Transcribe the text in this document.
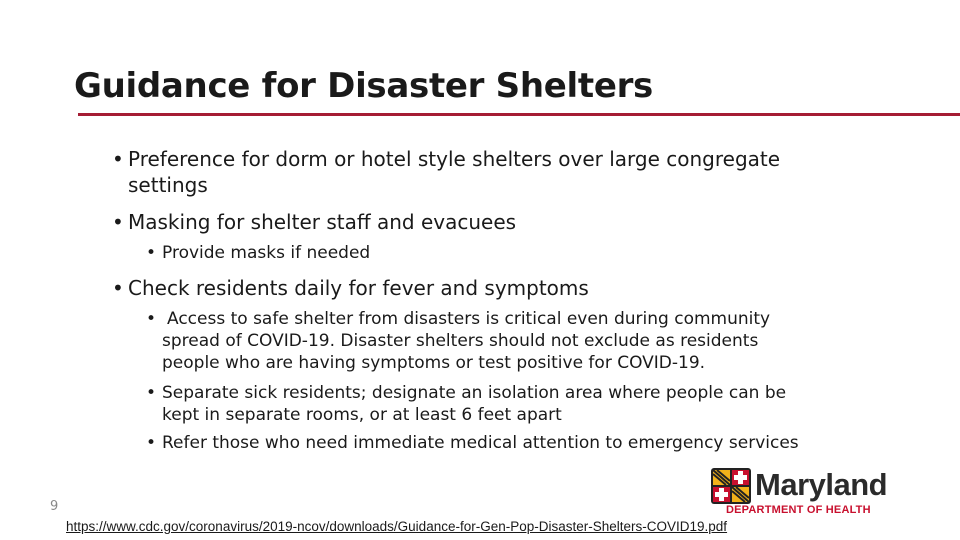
Guidance for Disaster Shelters
• Preference for dorm or hotel style shelters over large congregate
settings
• Masking for shelter staff and evacuees
• Provide masks if needed
• Check residents daily for fever and symptoms
• Access to safe shelter from disasters is critical even during community
spread of COVID-19. Disaster shelters should not exclude as residents
people who are having symptoms or test positive for COVID-19.
• Separate sick residents; designate an isolation area where people can be
kept in separate rooms, or at least 6 feet apart
• Refer those who need immediate medical attention to emergency services
9
Maryland
DEPARTMENT OF HEALTH
https://www.cdc.gov/coronavirus/2019-ncov/downloads/Guidance-for-Gen-Pop-Disaster-Shelters-COVID19.pdf
